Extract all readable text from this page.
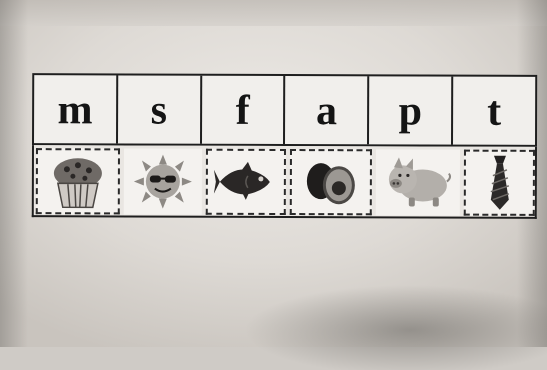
m	s	f	a	p	t
